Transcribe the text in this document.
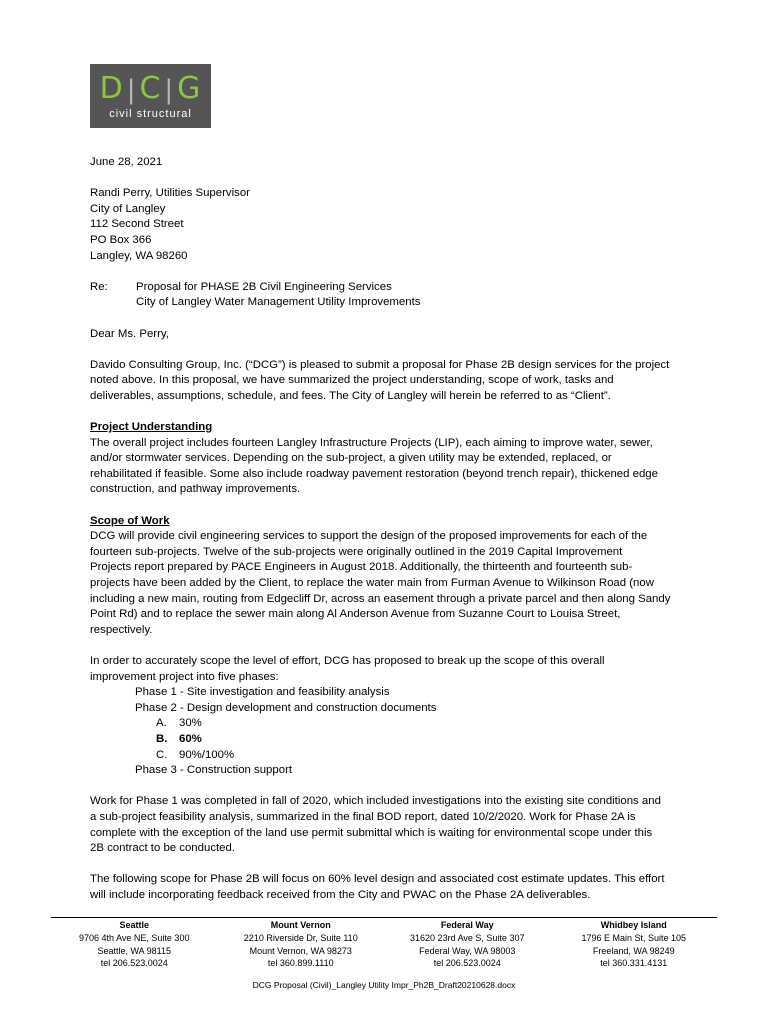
D | C | G
civil structural
June 28, 2021
Randi Perry, Utilities Supervisor
City of Langley
112 Second Street
PO Box 366
Langley, WA 98260
Re:	Proposal for PHASE 2B Civil Engineering Services
City of Langley Water Management Utility Improvements
Dear Ms. Perry,
Davido Consulting Group, Inc. (“DCG”) is pleased to submit a proposal for Phase 2B design services for the project
noted above. In this proposal, we have summarized the project understanding, scope of work, tasks and
deliverables, assumptions, schedule, and fees. The City of Langley will herein be referred to as “Client”.
Project Understanding
The overall project includes fourteen Langley Infrastructure Projects (LIP), each aiming to improve water, sewer,
and/or stormwater services. Depending on the sub-project, a given utility may be extended, replaced, or
rehabilitated if feasible. Some also include roadway pavement restoration (beyond trench repair), thickened edge
construction, and pathway improvements.
Scope of Work
DCG will provide civil engineering services to support the design of the proposed improvements for each of the
fourteen sub-projects. Twelve of the sub-projects were originally outlined in the 2019 Capital Improvement
Projects report prepared by PACE Engineers in August 2018. Additionally, the thirteenth and fourteenth sub-
projects have been added by the Client, to replace the water main from Furman Avenue to Wilkinson Road (now
including a new main, routing from Edgecliff Dr, across an easement through a private parcel and then along Sandy
Point Rd) and to replace the sewer main along Al Anderson Avenue from Suzanne Court to Louisa Street,
respectively.
In order to accurately scope the level of effort, DCG has proposed to break up the scope of this overall
improvement project into five phases:
Phase 1 - Site investigation and feasibility analysis
Phase 2 - Design development and construction documents
A.	30%
B.	60%
C.	90%/100%
Phase 3 - Construction support
Work for Phase 1 was completed in fall of 2020, which included investigations into the existing site conditions and
a sub-project feasibility analysis, summarized in the final BOD report, dated 10/2/2020. Work for Phase 2A is
complete with the exception of the land use permit submittal which is waiting for environmental scope under this
2B contract to be conducted.
The following scope for Phase 2B will focus on 60% level design and associated cost estimate updates. This effort
will include incorporating feedback received from the City and PWAC on the Phase 2A deliverables.
Seattle
9706 4th Ave NE, Suite 300
Seattle, WA 98115
tel 206.523.0024
Mount Vernon
2210 Riverside Dr, Suite 110
Mount Vernon, WA 98273
tel 360.899.1110
Federal Way
31620 23rd Ave S, Suite 307
Federal Way, WA 98003
tel 206.523.0024
Whidbey Island
1796 E Main St, Suite 105
Freeland, WA 98249
tel 360.331.4131
DCG Proposal (Civil)_Langley Utility Impr_Ph2B_Draft20210628.docx
